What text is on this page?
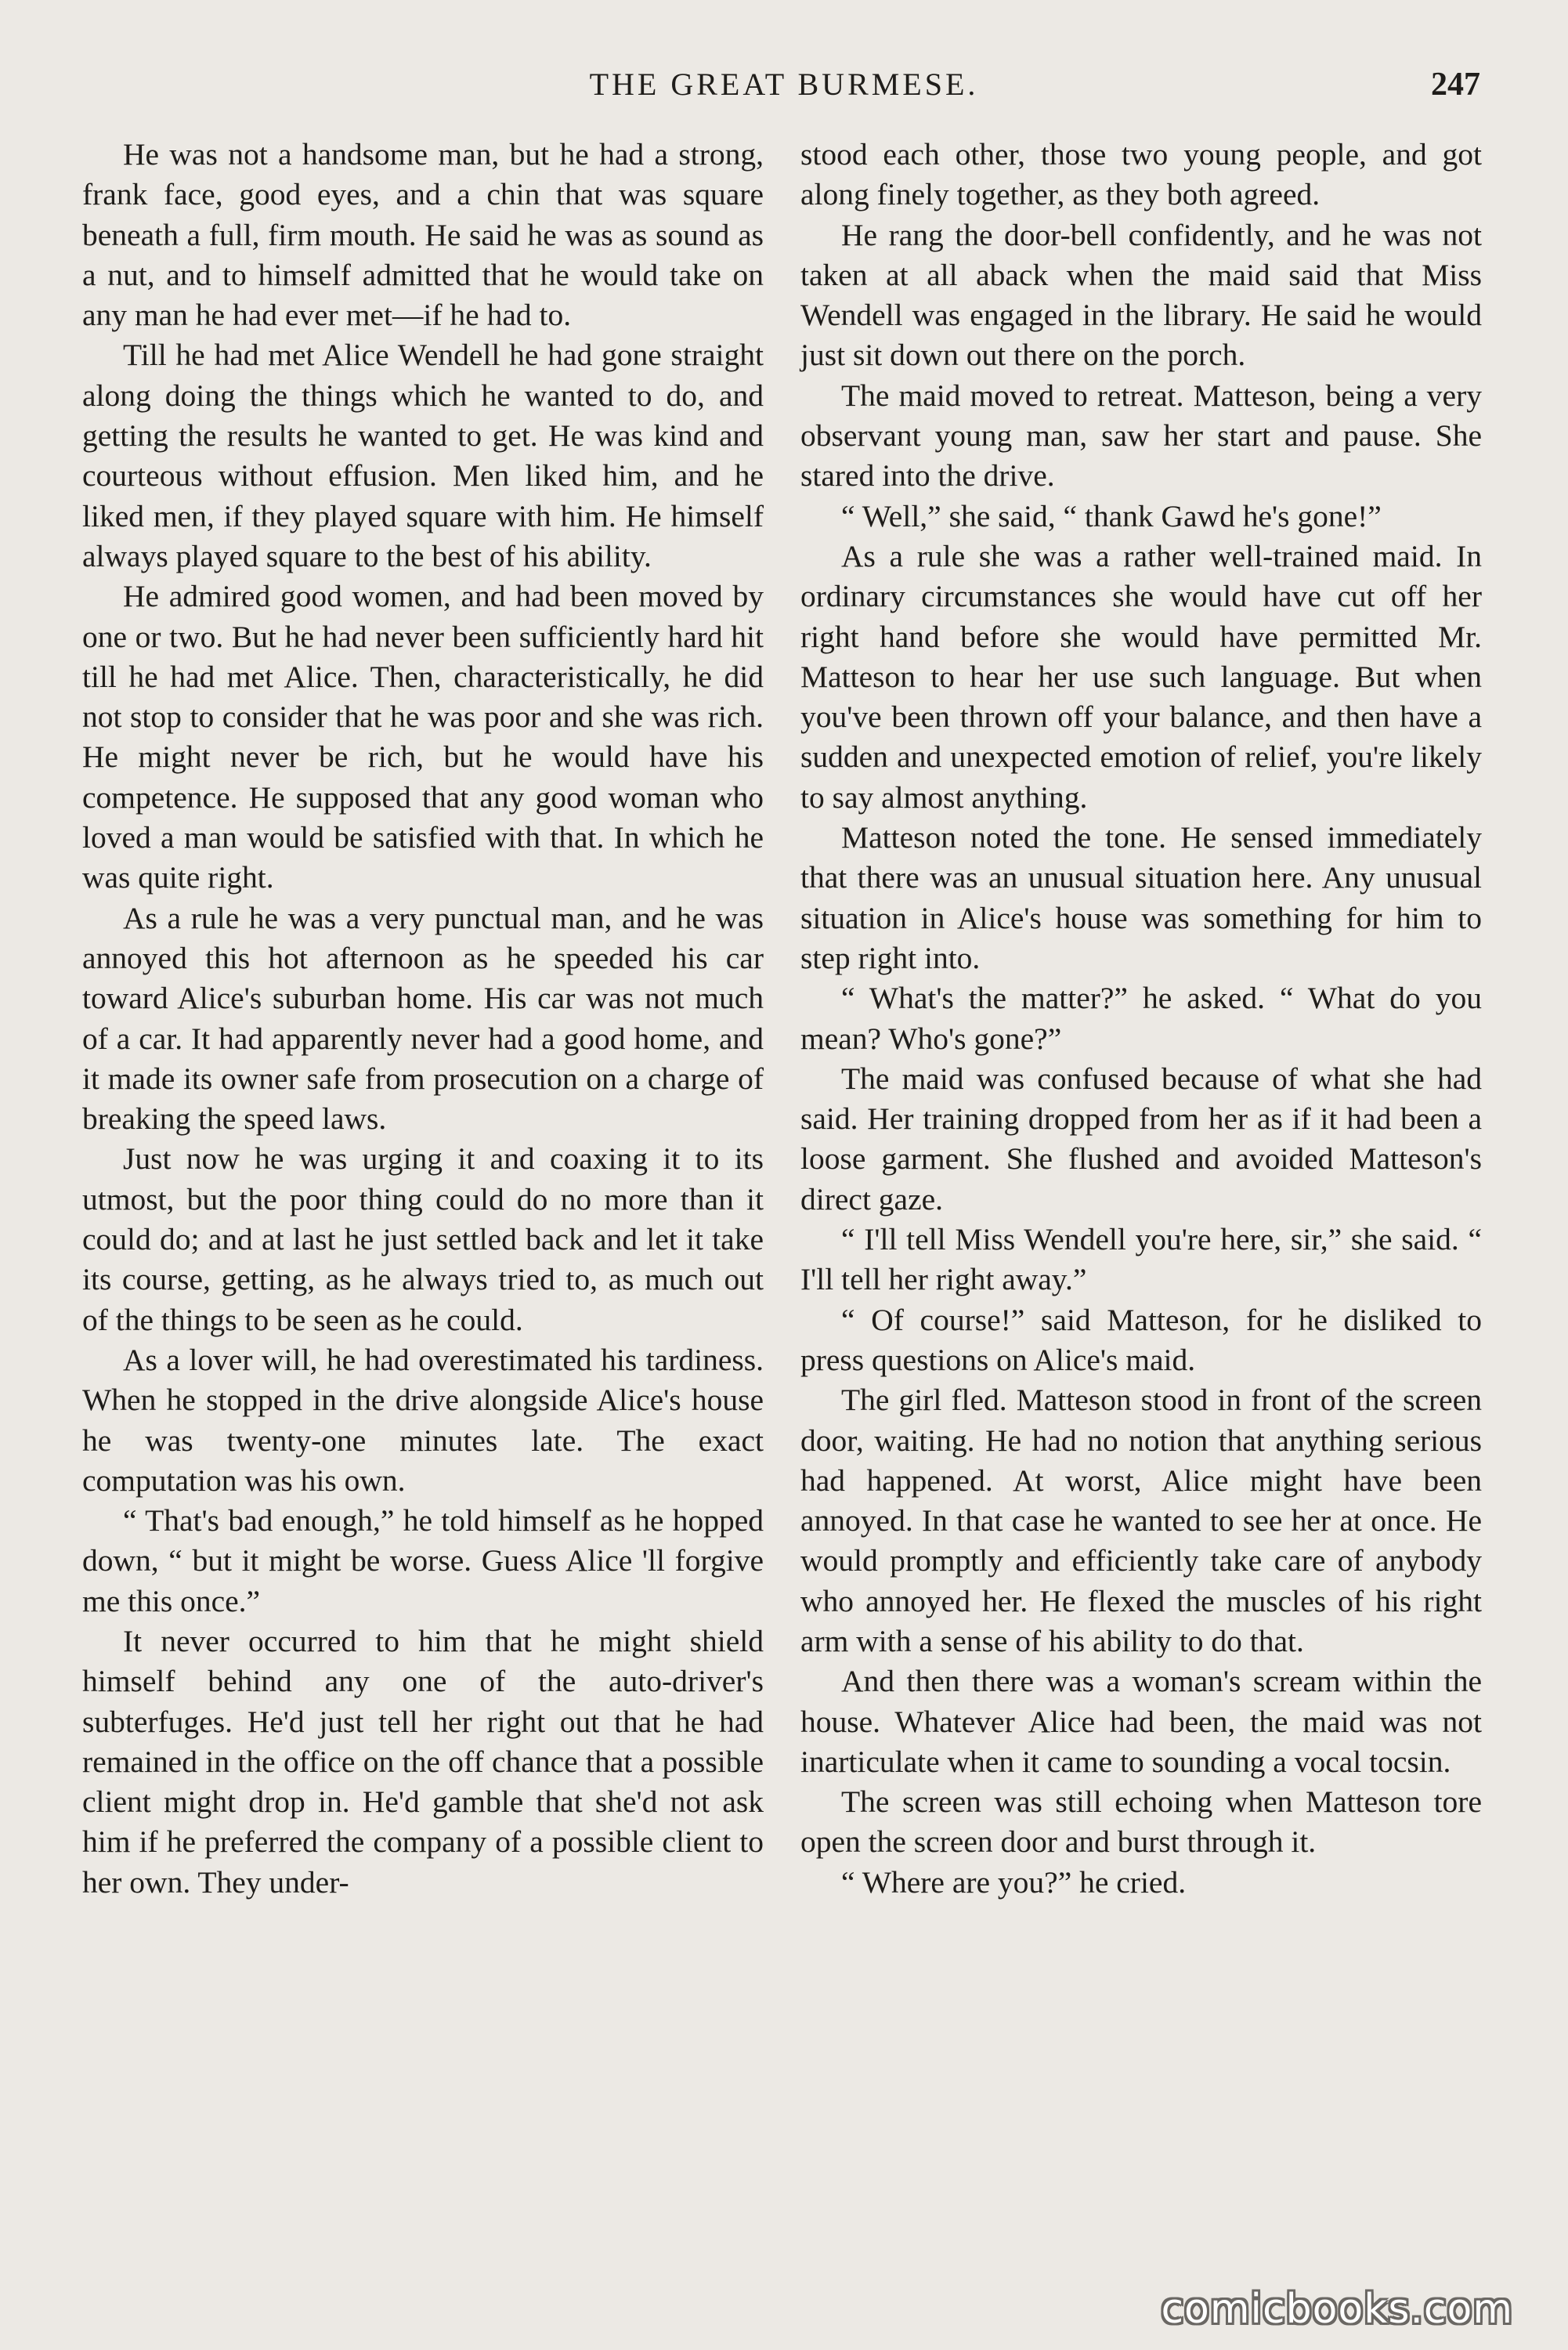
THE GREAT BURMESE.	247

He was not a handsome man, but he had a strong, frank face, good eyes, and a chin that was square beneath a full, firm mouth. He said he was as sound as a nut, and to himself admitted that he would take on any man he had ever met—if he had to.

Till he had met Alice Wendell he had gone straight along doing the things which he wanted to do, and getting the results he wanted to get. He was kind and courteous without effusion. Men liked him, and he liked men, if they played square with him. He himself always played square to the best of his ability.

He admired good women, and had been moved by one or two. But he had never been sufficiently hard hit till he had met Alice. Then, characteristically, he did not stop to consider that he was poor and she was rich. He might never be rich, but he would have his competence. He supposed that any good woman who loved a man would be satisfied with that. In which he was quite right.

As a rule he was a very punctual man, and he was annoyed this hot afternoon as he speeded his car toward Alice's suburban home. His car was not much of a car. It had apparently never had a good home, and it made its owner safe from prosecution on a charge of breaking the speed laws.

Just now he was urging it and coaxing it to its utmost, but the poor thing could do no more than it could do; and at last he just settled back and let it take its course, getting, as he always tried to, as much out of the things to be seen as he could.

As a lover will, he had overestimated his tardiness. When he stopped in the drive alongside Alice's house he was twenty-one minutes late. The exact computation was his own.

“ That's bad enough,” he told himself as he hopped down, “ but it might be worse. Guess Alice 'll forgive me this once.”

It never occurred to him that he might shield himself behind any one of the auto-driver's subterfuges. He'd just tell her right out that he had remained in the office on the off chance that a possible client might drop in. He'd gamble that she'd not ask him if he preferred the company of a possible client to her own. They under-

stood each other, those two young people, and got along finely together, as they both agreed.

He rang the door-bell confidently, and he was not taken at all aback when the maid said that Miss Wendell was engaged in the library. He said he would just sit down out there on the porch.

The maid moved to retreat. Matteson, being a very observant young man, saw her start and pause. She stared into the drive.

“ Well,” she said, “ thank Gawd he's gone!”

As a rule she was a rather well-trained maid. In ordinary circumstances she would have cut off her right hand before she would have permitted Mr. Matteson to hear her use such language. But when you've been thrown off your balance, and then have a sudden and unexpected emotion of relief, you're likely to say almost anything.

Matteson noted the tone. He sensed immediately that there was an unusual situation here. Any unusual situation in Alice's house was something for him to step right into.

“ What's the matter?” he asked. “ What do you mean? Who's gone?”

The maid was confused because of what she had said. Her training dropped from her as if it had been a loose garment. She flushed and avoided Matteson's direct gaze.

“ I'll tell Miss Wendell you're here, sir,” she said. “ I'll tell her right away.”

“ Of course!” said Matteson, for he disliked to press questions on Alice's maid.

The girl fled. Matteson stood in front of the screen door, waiting. He had no notion that anything serious had happened. At worst, Alice might have been annoyed. In that case he wanted to see her at once. He would promptly and efficiently take care of anybody who annoyed her. He flexed the muscles of his right arm with a sense of his ability to do that.

And then there was a woman's scream within the house. Whatever Alice had been, the maid was not inarticulate when it came to sounding a vocal tocsin.

The screen was still echoing when Matteson tore open the screen door and burst through it.

“ Where are you?” he cried.

comicbooks.com
